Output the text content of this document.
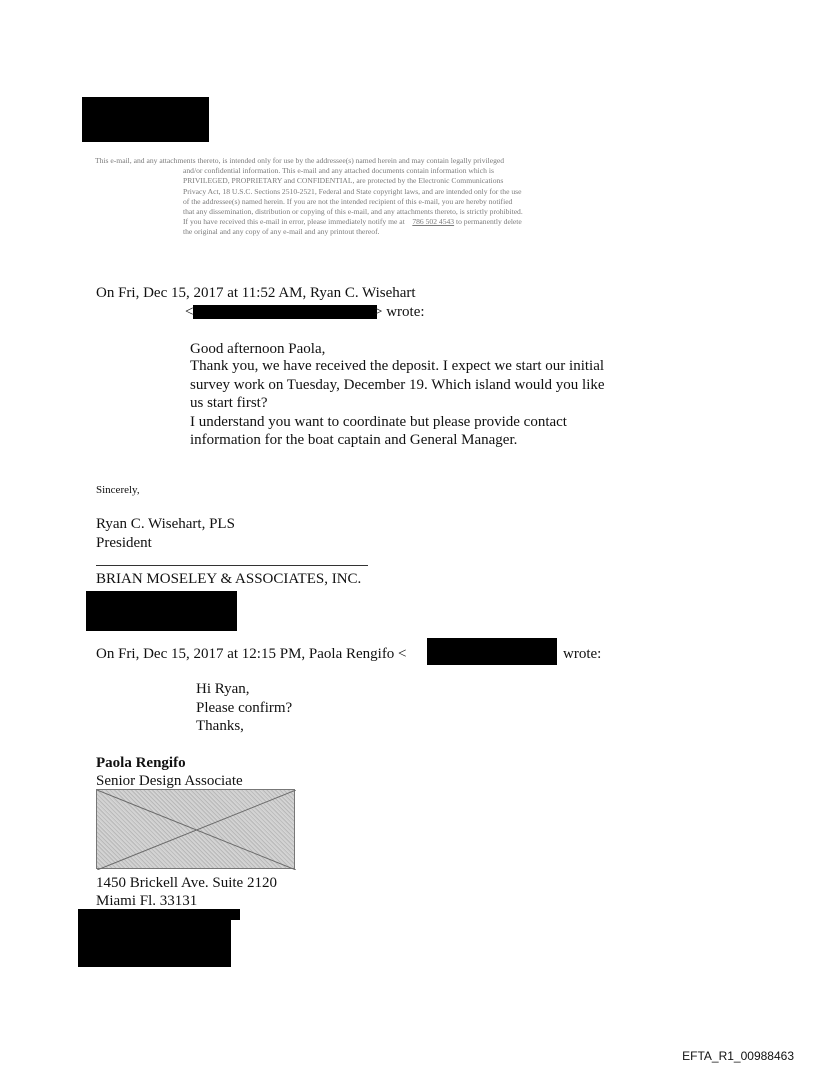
This e-mail, and any attachments thereto, is intended only for use by the addressee(s) named herein and may contain legally privileged

and/or confidential information. This e-mail and any attached documents contain information which is

PRIVILEGED, PROPRIETARY and CONFIDENTIAL, are protected by the Electronic Communications

Privacy Act, 18 U.S.C. Sections 2510-2521, Federal and State copyright laws, and are intended only for the use

of the addressee(s) named herein. If you are not the intended recipient of this e-mail, you are hereby notified

that any dissemination, distribution or copying of this e-mail, and any attachments thereto, is strictly prohibited.

If you have received this e-mail in error, please immediately notify me at 786 502 4543 to permanently delete

the original and any copy of any e-mail and any printout thereof.

On Fri, Dec 15, 2017 at 11:52 AM, Ryan C. Wisehart
<	> wrote:
Good afternoon Paola,
Thank you, we have received the deposit. I expect we start our initial
survey work on Tuesday, December 19. Which island would you like
us start first?
I understand you want to coordinate but please provide contact
information for the boat captain and General Manager.
Sincerely,
Ryan C. Wisehart, PLS
President
BRIAN MOSELEY & ASSOCIATES, INC.
On Fri, Dec 15, 2017 at 12:15 PM, Paola Rengifo <	wrote:
Hi Ryan,
Please confirm?
Thanks,
Paola Rengifo
Senior Design Associate
1450 Brickell Ave. Suite 2120
Miami Fl. 33131
EFTA_R1_00988463
